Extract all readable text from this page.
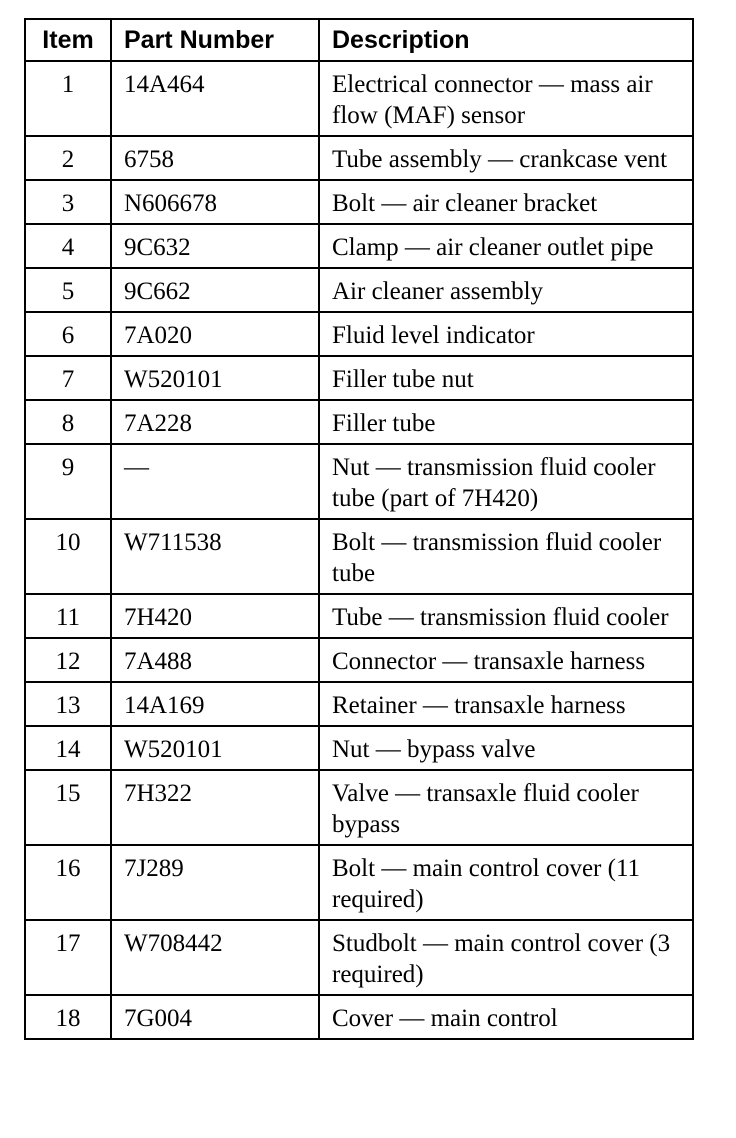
Item	Part Number	Description
1	14A464	Electrical connector — mass air flow (MAF) sensor
2	6758	Tube assembly — crankcase vent
3	N606678	Bolt — air cleaner bracket
4	9C632	Clamp — air cleaner outlet pipe
5	9C662	Air cleaner assembly
6	7A020	Fluid level indicator
7	W520101	Filler tube nut
8	7A228	Filler tube
9	—	Nut — transmission fluid cooler tube (part of 7H420)
10	W711538	Bolt — transmission fluid cooler tube
11	7H420	Tube — transmission fluid cooler
12	7A488	Connector — transaxle harness
13	14A169	Retainer — transaxle harness
14	W520101	Nut — bypass valve
15	7H322	Valve — transaxle fluid cooler bypass
16	7J289	Bolt — main control cover (11 required)
17	W708442	Studbolt — main control cover (3 required)
18	7G004	Cover — main control
